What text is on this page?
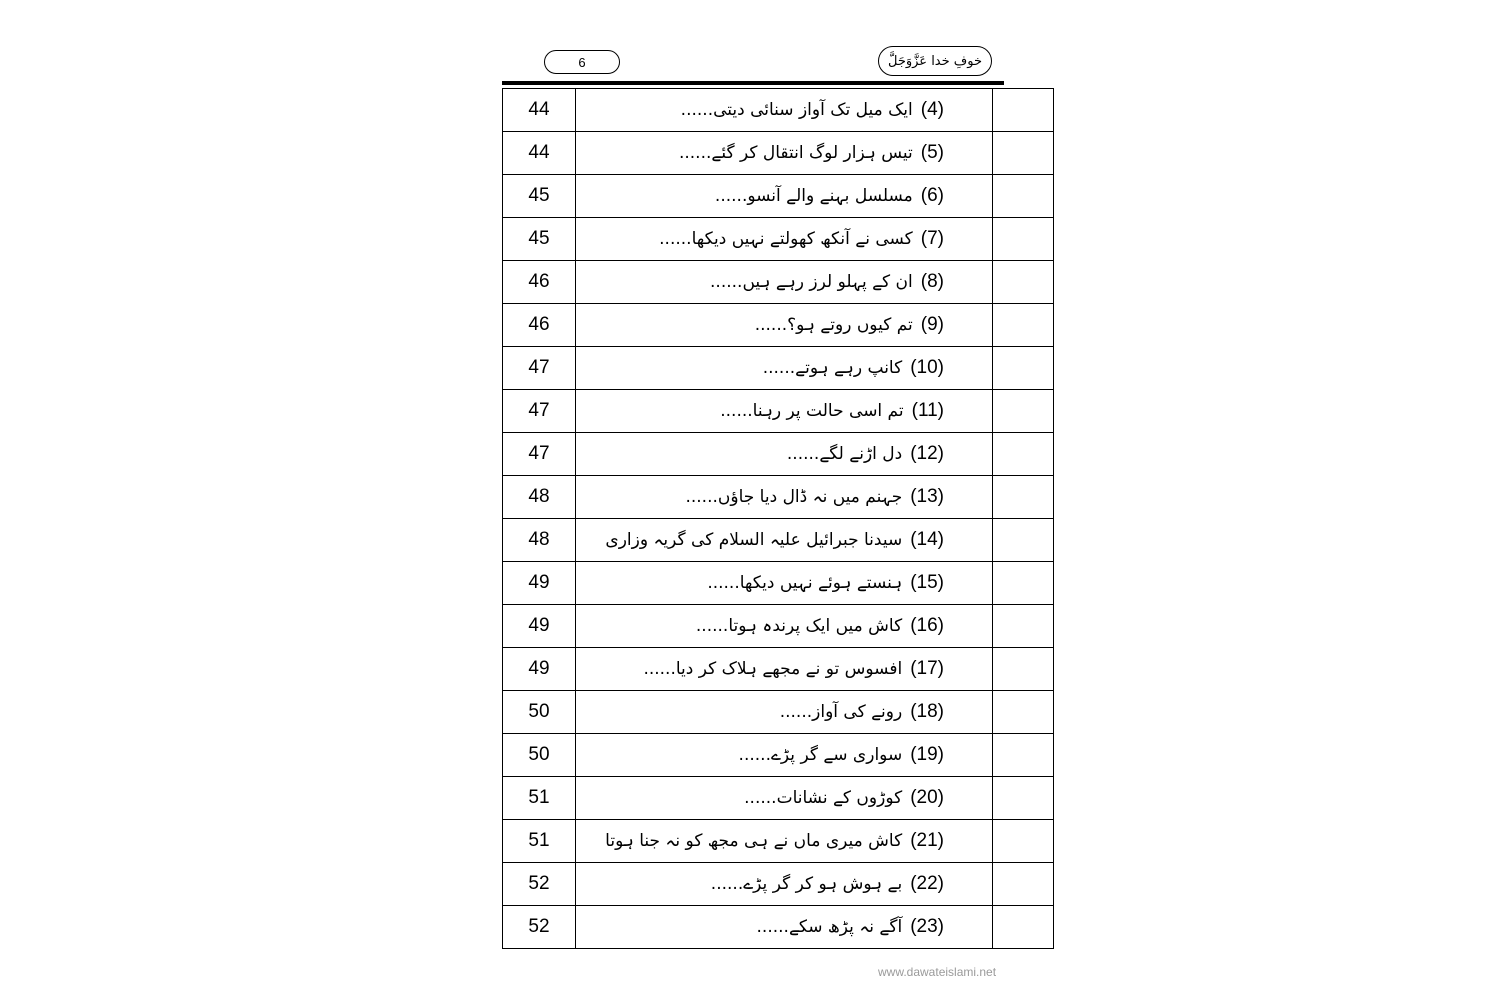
6	خوفِ خدا عَزَّوَجَلَّ
44	(4)ایک میل تک آواز سنائی دیتی......	
44	(5)تیس ہزار لوگ انتقال کر گئے......	
45	(6)مسلسل بہنے والے آنسو......	
45	(7)کسی نے آنکھ کھولتے نہیں دیکھا......	
46	(8)ان کے پہلو لرز رہے ہیں......	
46	(9)تم کیوں روتے ہو؟......	
47	(10)کانپ رہے ہوتے......	
47	(11)تم اسی حالت پر رہنا......	
47	(12)دل اڑنے لگے......	
48	(13)جہنم میں نہ ڈال دیا جاؤں......	
48	(14)سیدنا جبرائیل علیہ السلام کی گریہ وزاری	
49	(15)ہنستے ہوئے نہیں دیکھا......	
49	(16)کاش میں ایک پرندہ ہوتا......	
49	(17)افسوس تو نے مجھے ہلاک کر دیا......	
50	(18)رونے کی آواز......	
50	(19)سواری سے گر پڑے......	
51	(20)کوڑوں کے نشانات......	
51	(21)کاش میری ماں نے ہی مجھ کو نہ جنا ہوتا	
52	(22)بے ہوش ہو کر گر پڑے......	
52	(23)آگے نہ پڑھ سکے......	
www.dawateislami.net
